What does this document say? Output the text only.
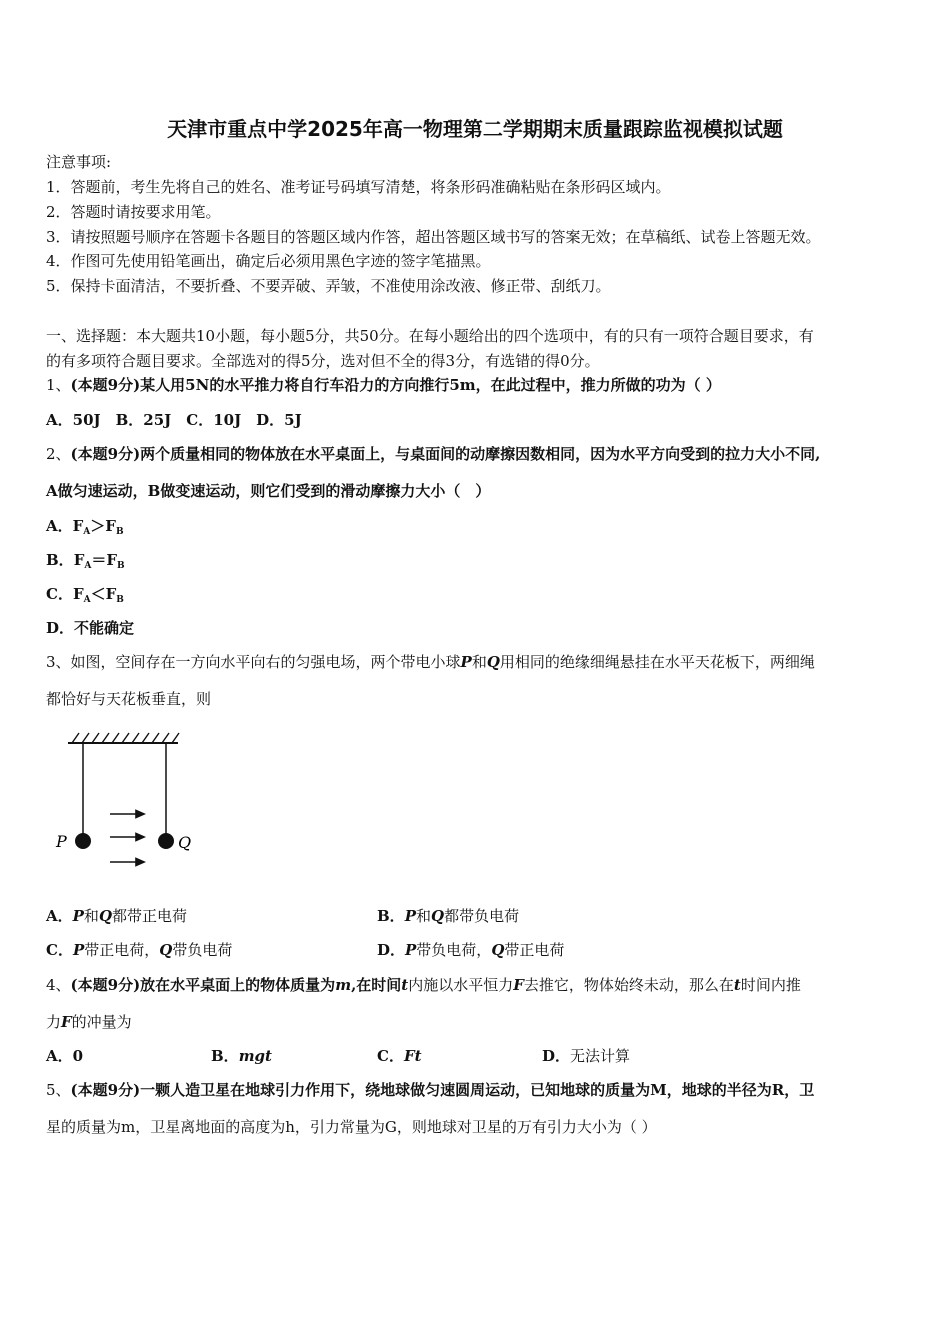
天津市重点中学2025年高一物理第二学期期末质量跟踪监视模拟试题
注意事项:
1．答题前，考生先将自己的姓名、准考证号码填写清楚，将条形码准确粘贴在条形码区域内。
2．答题时请按要求用笔。
3．请按照题号顺序在答题卡各题目的答题区域内作答，超出答题区域书写的答案无效；在草稿纸、试卷上答题无效。
4．作图可先使用铅笔画出，确定后必须用黑色字迹的签字笔描黑。
5．保持卡面清洁，不要折叠、不要弄破、弄皱，不准使用涂改液、修正带、刮纸刀。
一、选择题：本大题共10小题，每小题5分，共50分。在每小题给出的四个选项中，有的只有一项符合题目要求，有
的有多项符合题目要求。全部选对的得5分，选对但不全的得3分，有选错的得0分。
1、(本题9分)某人用5N的水平推力将自行车沿力的方向推行5m，在此过程中，推力所做的功为（ ）
A．50J　B．25J　C．10J　D．5J
2、(本题9分)两个质量相同的物体放在水平桌面上，与桌面间的动摩擦因数相同，因为水平方向受到的拉力大小不同,
A做匀速运动，B做变速运动，则它们受到的滑动摩擦力大小（　）
A．$F_A>F_B$
B．$F_A=F_B$
C．$F_A<F_B$
D．不能确定
3、如图，空间存在一方向水平向右的匀强电场，两个带电小球P和Q用相同的绝缘细绳悬挂在水平天花板下，两细绳
都恰好与天花板垂直，则
P	Q
A．P和Q都带正电荷	B．P和Q都带负电荷
C．P带正电荷，Q带负电荷	D．P带负电荷，Q带正电荷
4、(本题9分)放在水平桌面上的物体质量为m,在时间t内施以水平恒力F去推它，物体始终未动，那么在t时间内推
力F的冲量为
A．0	B．mgt	C．Ft	D．无法计算
5、(本题9分)一颗人造卫星在地球引力作用下，绕地球做匀速圆周运动，已知地球的质量为M，地球的半径为R，卫
星的质量为m，卫星离地面的高度为h，引力常量为G，则地球对卫星的万有引力大小为（ ）
